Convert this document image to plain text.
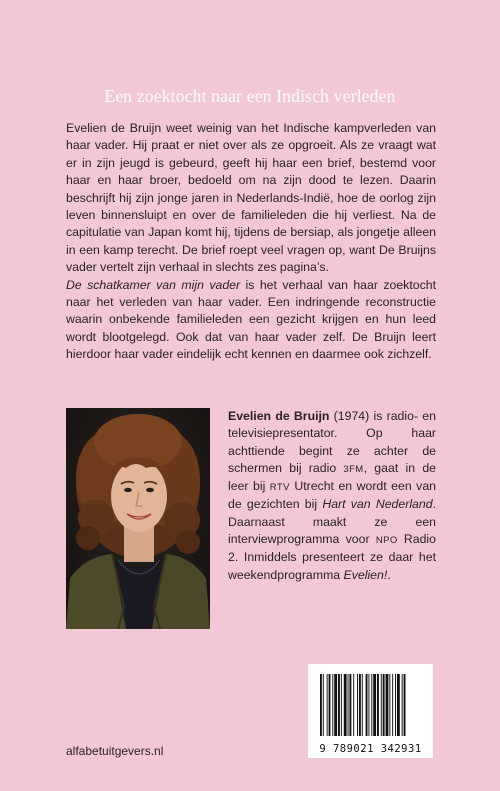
Een zoektocht naar een Indisch verleden

Evelien de Bruijn weet weinig van het Indische kampverleden van haar vader. Hij praat er niet over als ze opgroeit. Als ze vraagt wat er in zijn jeugd is gebeurd, geeft hij haar een brief, bestemd voor haar en haar broer, bedoeld om na zijn dood te lezen. Daarin beschrijft hij zijn jonge jaren in Nederlands-Indië, hoe de oorlog zijn leven binnensluipt en over de familieleden die hij verliest. Na de capitulatie van Japan komt hij, tijdens de bersiap, als jongetje alleen in een kamp terecht. De brief roept veel vragen op, want De Bruijns vader vertelt zijn verhaal in slechts zes pagina’s.

De schatkamer van mijn vader is het verhaal van haar zoektocht naar het verleden van haar vader. Een indringende reconstructie waarin onbekende familieleden een gezicht krijgen en hun leed wordt blootgelegd. Ook dat van haar vader zelf. De Bruijn leert hierdoor haar vader eindelijk echt kennen en daarmee ook zichzelf.

Evelien de Bruijn (1974) is radio- en televisiepresentator. Op haar achttiende begint ze achter de schermen bij radio 3FM, gaat in de leer bij RTV Utrecht en wordt een van de gezichten bij Hart van Nederland. Daarnaast maakt ze een interviewprogramma voor NPO Radio 2. Inmiddels presenteert ze daar het weekendprogramma Evelien!.
9 789021 342931
alfabetuitgevers.nl
